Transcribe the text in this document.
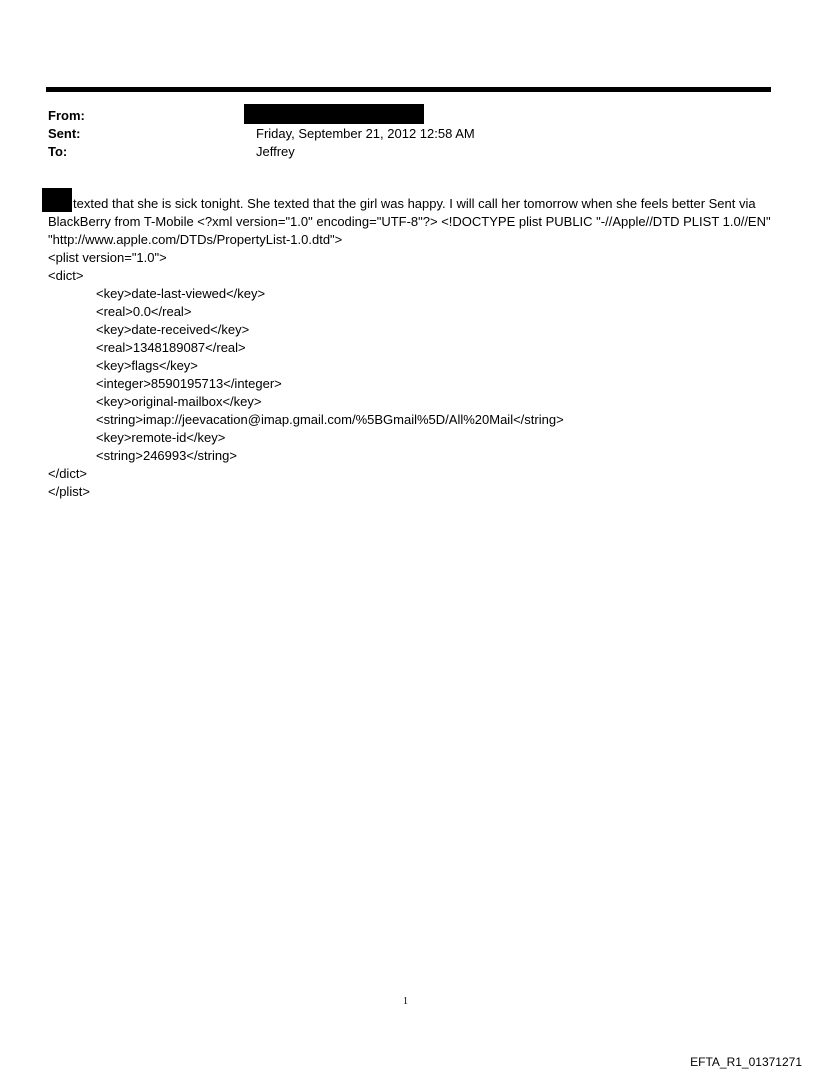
From:
Sent:	Friday, September 21, 2012 12:58 AM
To:	Jeffrey

texted that she is sick tonight. She texted that the girl was happy. I will call her tomorrow when she feels better Sent via BlackBerry from T-Mobile <?xml version="1.0" encoding="UTF-8"?> <!DOCTYPE plist PUBLIC "-//Apple//DTD PLIST 1.0//EN" "http://www.apple.com/DTDs/PropertyList-1.0.dtd">

<plist version="1.0">

<dict>

<key>date-last-viewed</key>

<real>0.0</real>

<key>date-received</key>

<real>1348189087</real>

<key>flags</key>

<integer>8590195713</integer>

<key>original-mailbox</key>

<string>imap://jeevacation@imap.gmail.com/%5BGmail%5D/All%20Mail</string>

<key>remote-id</key>

<string>246993</string>

</dict>

</plist>

1
EFTA_R1_01371271
